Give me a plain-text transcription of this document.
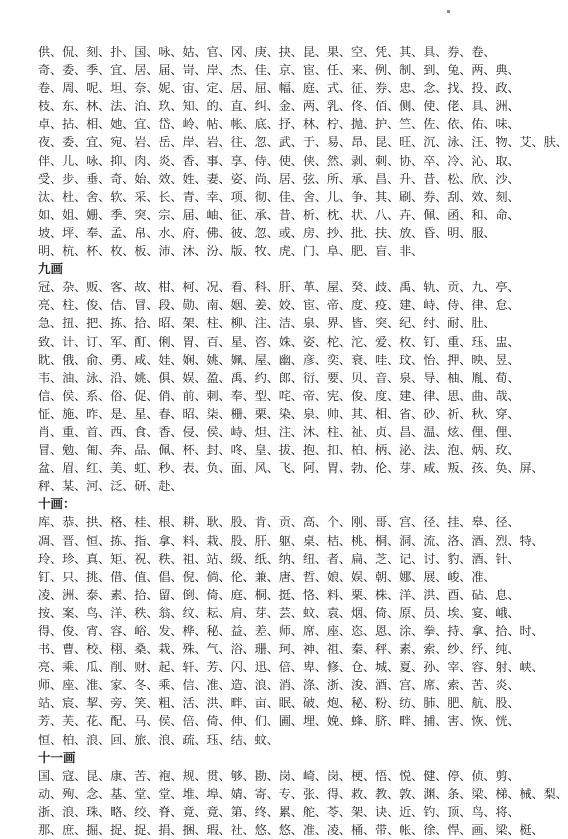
供、侃、刻、扑、国、咏、姑、官、冈、庚、抉、昆、果、空、凭、其、具、券、卷、
奇、委、季、宜、居、届、岢、岸、杰、佳、京、宦、任、来、例、制、到、兔、两、典、
卷、周、呢、坦、奈、妮、宙、定、居、屈、幅、庭、式、征、券、忠、念、找、投、政、
枝、东、林、法、泊、玖、知、的、直、纠、金、两、乳、佟、佰、侧、使、佬、具、洲、
卓、拈、相、她、宜、岱、岭、帖、帐、底、抒、林、柠、抛、护、竺、佐、依、佑、味、
夜、委、宜、宛、岩、岳、岸、岩、往、忽、武、于、易、昂、昆、旺、沉、泳、汪、物、艾、肤、
伴、儿、咏、抑、肉、炎、香、事、享、侍、使、侠、然、剥、刺、协、卒、冷、沁、取、
受、步、垂、奇、始、效、姓、妻、姿、尚、居、弦、所、承、昌、升、昔、松、欣、沙、
汰、杜、舍、软、采、长、青、幸、项、彻、佳、舍、儿、争、其、刷、券、刮、效、刻、
如、姐、姗、季、突、宗、届、岫、征、承、昔、析、枕、状、八、卉、佩、函、和、命、
坡、坪、奉、孟、帛、水、府、佛、彼、忽、或、房、抄、批、扶、放、昏、明、服、
明、杭、杯、枚、板、沛、沐、汾、版、牧、虎、门、阜、肥、盲、非、
九画
冠、杂、贩、客、故、柑、柯、况、看、科、肝、革、屋、癸、歧、禹、轨、贡、九、亭、
亮、柱、俊、佶、冒、段、勋、南、姻、姜、姣、宦、帝、度、疫、建、峙、侍、律、怠、
急、扭、把、拣、拾、昭、架、柱、柳、注、洁、泉、界、皆、突、纪、纣、耐、肚、
致、计、订、军、酊、俐、胃、百、星、咨、姝、姿、柁、沱、爱、枚、钉、重、珏、盅、
眈、俄、俞、勇、咸、娃、娴、姚、姵、屋、幽、彦、奕、衰、哇、玟、怡、押、映、昱、
韦、油、泳、沿、姚、俱、娱、盈、禹、约、郎、衍、要、贝、音、泉、导、柚、胤、荀、
信、侯、系、俗、促、俏、前、刺、奉、型、咤、帝、宪、俊、度、建、律、思、曲、哉、
怔、施、昨、是、星、春、昭、柒、栅、栗、染、泉、帅、其、相、省、砂、祈、秋、穿、
肖、重、首、西、食、香、侵、侯、峙、炟、注、沐、柱、祉、贞、昌、温、炫、俚、俚、
冒、勉、匍、奔、品、佩、杯、封、咚、皇、拔、抱、扣、柏、柄、泌、法、泡、炳、玫、
盆、眉、红、美、虹、秒、表、负、面、风、飞、阿、胃、勃、伦、芽、咸、叛、孩、奂、屏、
秤、某、河、泛、研、赴、
十画：
库、恭、拱、格、桂、根、耕、耿、股、肯、贡、高、个、刚、哥、宫、径、挂、皋、径、
凋、晋、恒、拣、指、拿、料、栽、股、肝、躯、桌、桔、桃、桐、洞、流、洛、酒、烈、特、
玲、珍、真、矩、祝、秩、祖、站、级、纸、纳、纽、者、扁、芝、记、讨、豹、酒、针、
钉、只、挑、借、值、倡、倪、倘、伦、兼、唐、哲、娘、娱、朝、娜、展、峻、准、
凌、洲、泰、素、拾、留、倒、倚、庭、桐、挺、恪、料、栗、株、洋、洪、酉、砧、息、
按、案、鸟、洋、秩、翁、纹、耘、肩、芽、芸、蚊、袁、烟、倚、原、员、埃、宴、峨、
得、俊、宵、容、峪、发、桦、秘、益、差、师、席、座、恣、恩、涂、拳、持、拿、拾、时、
书、曹、校、栩、桑、栽、殊、气、浴、珊、珂、神、祖、秦、秤、素、索、纱、纾、纯、
亮、乘、瓜、削、财、起、轩、芳、闪、迅、倍、卑、修、仓、城、夏、孙、宰、容、射、峡、
师、座、准、家、冬、乘、信、准、造、浪、消、涤、浙、浚、酒、宫、席、索、苦、炎、
站、宸、挈、旁、笑、粗、活、洪、畔、亩、眠、破、炮、秘、粉、纺、肺、肥、航、股、
芳、芙、花、配、马、侯、倍、倚、伸、们、圃、埋、娩、蜂、脐、畔、捕、害、恢、恍、
恒、柏、浪、回、旅、浪、疏、珏、结、蚊、
十一画
国、寇、昆、康、苦、袍、规、贯、够、勘、岗、崎、岗、梗、悟、悦、健、停、侦、剪、
动、殉、念、基、堂、堂、堆、埠、婧、寄、专、张、得、救、教、敦、渊、条、梁、梯、械、梨、
浙、浪、珠、略、绞、脊、竟、竟、第、终、累、舵、苓、架、诀、近、钓、顶、鸟、将、
那、庶、掘、捉、捉、捐、捆、瑕、社、悠、悠、准、凌、桶、带、帐、徐、悍、画、梁、梃、
